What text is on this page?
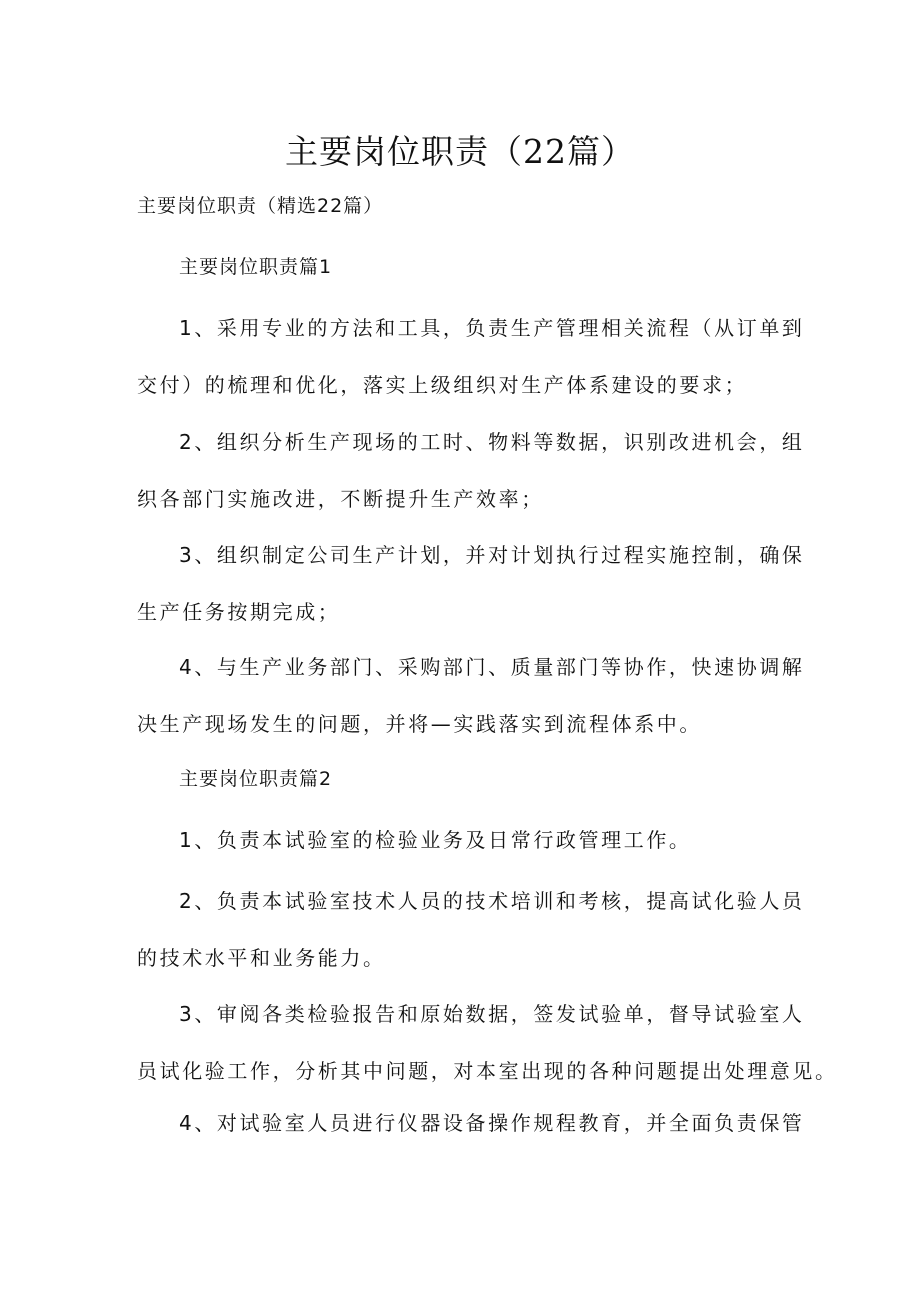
主要岗位职责（22篇）
主要岗位职责（精选22篇）
主要岗位职责篇1
1、采用专业的方法和工具，负责生产管理相关流程（从订单到
交付）的梳理和优化，落实上级组织对生产体系建设的要求；
2、组织分析生产现场的工时、物料等数据，识别改进机会，组
织各部门实施改进，不断提升生产效率；
3、组织制定公司生产计划，并对计划执行过程实施控制，确保
生产任务按期完成；
4、与生产业务部门、采购部门、质量部门等协作，快速协调解
决生产现场发生的问题，并将—实践落实到流程体系中。
主要岗位职责篇2
1、负责本试验室的检验业务及日常行政管理工作。
2、负责本试验室技术人员的技术培训和考核，提高试化验人员
的技术水平和业务能力。
3、审阅各类检验报告和原始数据，签发试验单，督导试验室人
员试化验工作，分析其中问题，对本室出现的各种问题提出处理意见。
4、对试验室人员进行仪器设备操作规程教育，并全面负责保管
